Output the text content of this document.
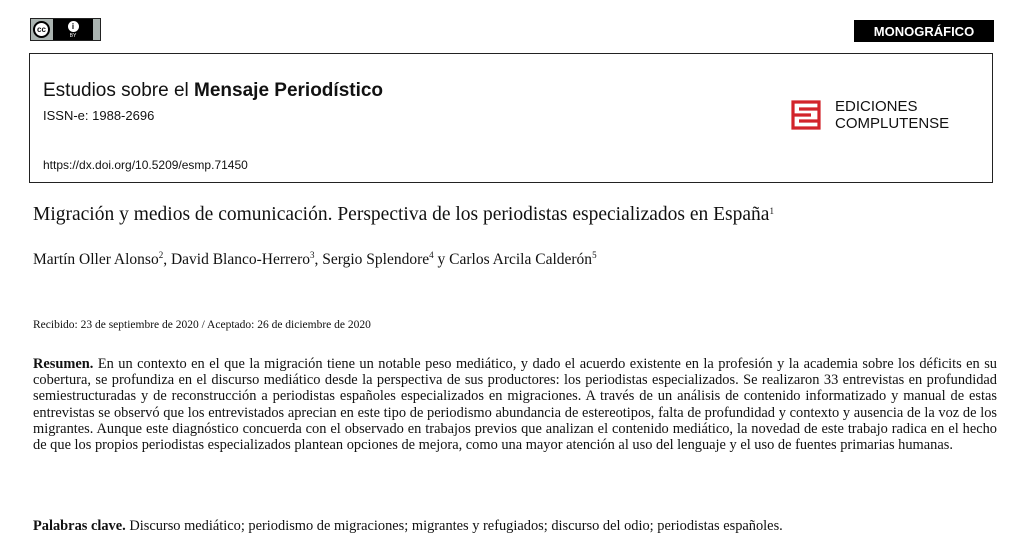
cc	i
BY	MONOGRÁFICO
Estudios sobre el Mensaje Periodístico
ISSN-e: 1988-2696
https://dx.doi.org/10.5209/esmp.71450
EDICIONES
COMPLUTENSE
Migración y medios de comunicación. Perspectiva de los periodistas especializados en España$^1$
Martín Oller Alonso$^2$, David Blanco-Herrero$^3$, Sergio Splendore$^4$ y Carlos Arcila Calderón$^5$
Recibido: 23 de septiembre de 2020 / Aceptado: 26 de diciembre de 2020

Resumen. En un contexto en el que la migración tiene un notable peso mediático, y dado el acuerdo existente en la profesión y la academia sobre los déficits en su cobertura, se profundiza en el discurso mediático desde la perspectiva de sus productores: los periodistas especializados. Se realizaron 33 entrevistas en profundidad semiestructuradas y de reconstrucción a periodistas españoles especializados en migraciones. A través de un análisis de contenido informatizado y manual de estas entrevistas se observó que los entrevistados aprecian en este tipo de periodismo abundancia de estereotipos, falta de profundidad y contexto y ausencia de la voz de los migrantes. Aunque este diagnóstico concuerda con el observado en trabajos previos que analizan el contenido mediático, la novedad de este trabajo radica en el hecho de que los propios periodistas especializados plantean opciones de mejora, como una mayor atención al uso del lenguaje y el uso de fuentes primarias humanas.

Palabras clave. Discurso mediático; periodismo de migraciones; migrantes y refugiados; discurso del odio; periodistas españoles.
